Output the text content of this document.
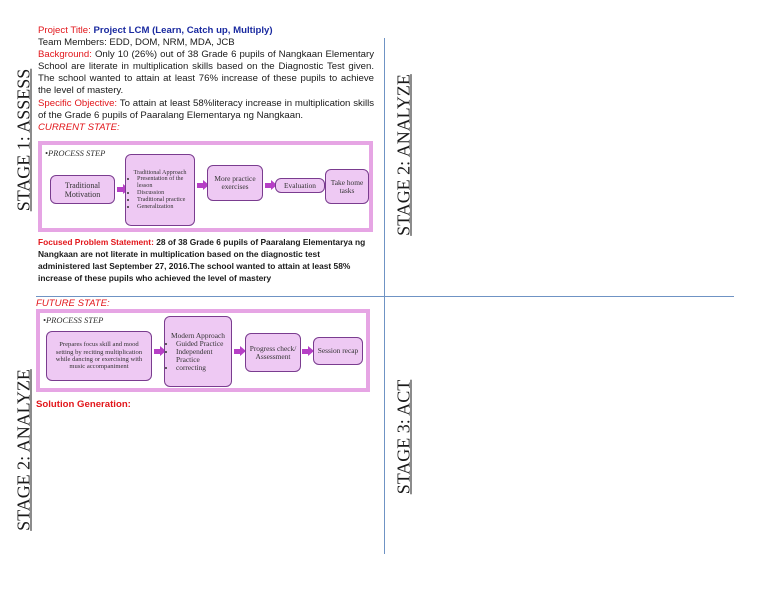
STAGE 1: ASSESS	STAGE 2: ANALYZE
STAGE 2: ANALYZE	STAGE 3: ACT
Project Title: Project LCM (Learn, Catch up, Multiply)
Team Members: EDD, DOM, NRM, MDA, JCB
Background: Only 10 (26%) out of 38 Grade 6 pupils of Nangkaan Elementary School are literate in multiplication skills based on the Diagnostic Test given. The school wanted to attain at least 76% increase of these pupils to achieve the level of mastery.
Specific Objective: To attain at least 58%literacy increase in multiplication skills of the Grade 6 pupils of Paaralang Elementarya ng Nangkaan.
CURRENT STATE:
•PROCESS STEP
Traditional Motivation
Traditional Approach
• Presentation of the lesson
• Discussion
• Traditional practice
• Generalization
More practice exercises	Evaluation	Take home tasks
Focused Problem Statement: 28 of 38 Grade 6 pupils of Paaralang Elementarya ng Nangkaan are not literate in multiplication based on the diagnostic test administered last September 27, 2016.The school wanted to attain at least 58% increase of these pupils who achieved the level of mastery
FUTURE STATE:
•PROCESS STEP
Prepares focus skill and mood setting by reciting multiplication while dancing or exercising with music accompaniment
Modern Approach
• Guided Practice
• Independent Practice
• correcting
Progress check/ Assessment
Session recap
Solution Generation:
